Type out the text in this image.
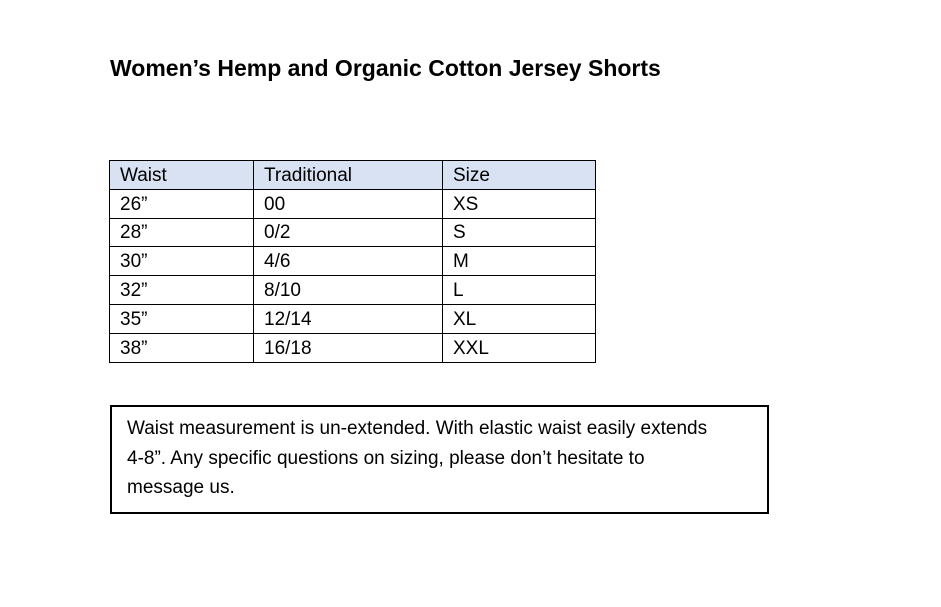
Women’s Hemp and Organic Cotton Jersey Shorts
Waist	Traditional	Size
26”	00	XS
28”	0/2	S
30”	4/6	M
32”	8/10	L
35”	12/14	XL
38”	16/18	XXL

Waist measurement is un-extended. With elastic waist easily extends

4-8”. Any specific questions on sizing, please don’t hesitate to

message us.
